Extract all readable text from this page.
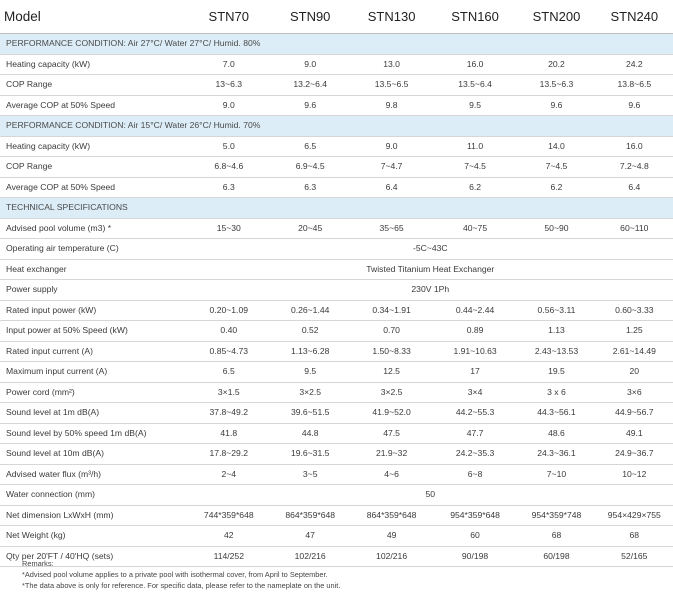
Model	STN70	STN90	STN130	STN160	STN200	STN240
PERFORMANCE CONDITION: Air 27°C/ Water 27°C/ Humid. 80%						
Heating capacity (kW)	7.0	9.0	13.0	16.0	20.2	24.2
COP Range	13~6.3	13.2~6.4	13.5~6.5	13.5~6.4	13.5~6.3	13.8~6.5
Average COP at 50% Speed	9.0	9.6	9.8	9.5	9.6	9.6
PERFORMANCE CONDITION: Air 15°C/ Water 26°C/ Humid. 70%						
Heating capacity (kW)	5.0	6.5	9.0	11.0	14.0	16.0
COP Range	6.8~4.6	6.9~4.5	7~4.7	7~4.5	7~4.5	7.2~4.8
Average COP at 50% Speed	6.3	6.3	6.4	6.2	6.2	6.4
TECHNICAL SPECIFICATIONS						
Advised pool volume (m3) *	15~30	20~45	35~65	40~75	50~90	60~110
Operating air temperature (C)	-5C~43C					
Heat exchanger	Twisted Titanium Heat Exchanger					
Power supply	230V 1Ph					
Rated input power (kW)	0.20~1.09	0.26~1.44	0.34~1.91	0.44~2.44	0.56~3.11	0.60~3.33
Input power at 50% Speed (kW)	0.40	0.52	0.70	0.89	1.13	1.25
Rated input current (A)	0.85~4.73	1.13~6.28	1.50~8.33	1.91~10.63	2.43~13.53	2.61~14.49
Maximum input current (A)	6.5	9.5	12.5	17	19.5	20
Power cord (mm²)	3×1.5	3×2.5	3×2.5	3×4	3 x 6	3×6
Sound level at 1m dB(A)	37.8~49.2	39.6~51.5	41.9~52.0	44.2~55.3	44.3~56.1	44.9~56.7
Sound level by 50% speed 1m dB(A)	41.8	44.8	47.5	47.7	48.6	49.1
Sound level at 10m dB(A)	17.8~29.2	19.6~31.5	21.9~32	24.2~35.3	24.3~36.1	24.9~36.7
Advised water flux (m³/h)	2~4	3~5	4~6	6~8	7~10	10~12
Water connection (mm)	50					
Net dimension LxWxH (mm)	744*359*648	864*359*648	864*359*648	954*359*648	954*359*748	954×429×755
Net Weight (kg)	42	47	49	60	68	68
Qty per 20'FT / 40'HQ (sets)	114/252	102/216	102/216	90/198	60/198	52/165
Remarks:
*Advised pool volume applies to a private pool with isothermal cover, from April to September.
*The data above is only for reference. For specific data, please refer to the nameplate on the unit.
